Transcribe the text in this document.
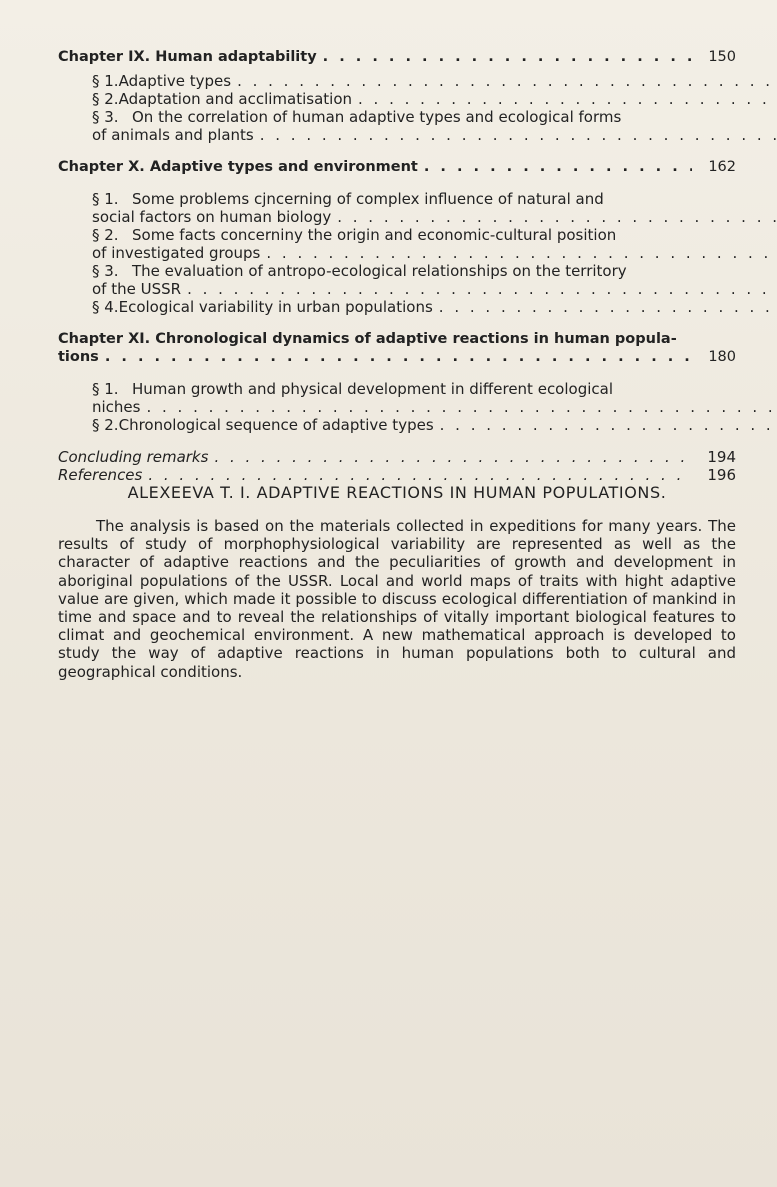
Chapter IX. Human adaptability . . .	150
§ 1. Adaptive types
. . .
§ 2. Adaptation and acclimatisation
. . .
§ 3. On the correlation of human adaptive types and ecological forms
of animals and plants
. . .
Chapter X. Adaptive types and environment . . .	162
§ 1. Some problems cjncerning of complex influence of natural and
social factors on human biology
. . .
§ 2. Some facts concerniny the origin and economic-cultural position
of investigated groups
. . .
§ 3. The evaluation of antropo-ecological relationships on the territory
of the USSR
. . .
§ 4. Ecological variability in urban populations
. . .
Chapter XI. Chronological dynamics of adaptive reactions in human popula-
tions . . .	180
§ 1. Human growth and physical development in different ecological
niches
. . .
§ 2. Chronological sequence of adaptive types
. . .
Concluding remarks . . .	194
References . . .	196
ALEXEEVA T. I. ADAPTIVE REACTIONS IN HUMAN POPULATIONS.
The analysis is based on the materials collected in expeditions for many years. The results of study of morphophysiological variability are represented as well as the character of adaptive reactions and the peculiarities of growth and development in aboriginal populations of the USSR. Local and world maps of traits with hight adaptive value are given, which made it possible to discuss ecological differentiation of mankind in time and space and to reveal the relationships of vitally important biological features to climat and geochemical environment. A new mathematical approach is developed to study the way of adaptive reactions in human populations both to cultural and geographical conditions.
